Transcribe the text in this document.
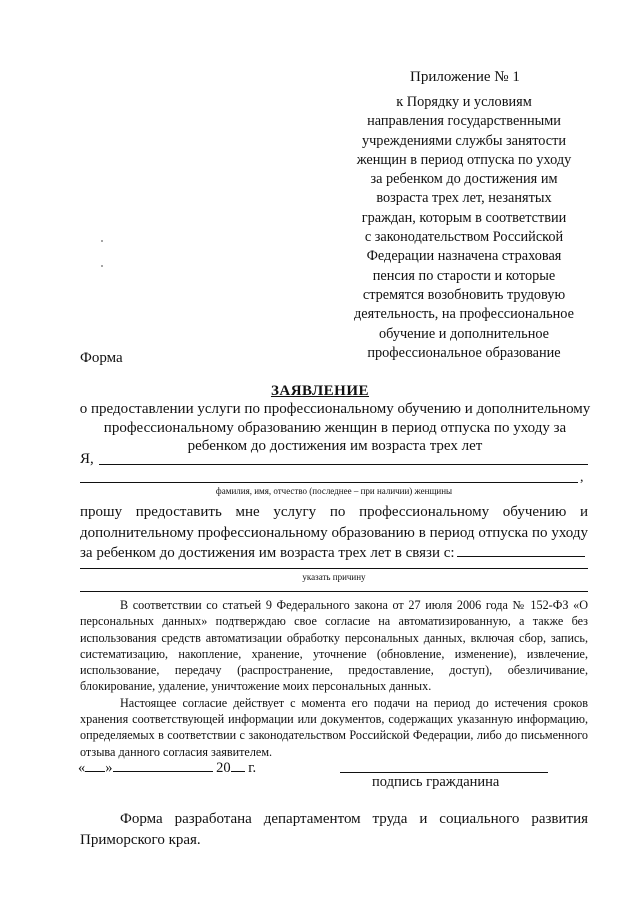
Приложение № 1
к Порядку и условиям
направления государственными
учреждениями службы занятости
женщин в период отпуска по уходу
за ребенком до достижения им
возраста трех лет, незанятых
граждан, которым в соответствии
с законодательством Российской
Федерации назначена страховая
пенсия по старости и которые
стремятся возобновить трудовую
деятельность, на профессиональное
обучение и дополнительное
профессиональное образование
Форма
ЗАЯВЛЕНИЕ
о предоставлении услуги по профессиональному обучению и дополнительному
профессиональному образованию женщин в период отпуска по уходу за
ребенком до достижения им возраста трех лет
Я,
,
фамилия, имя, отчество (последнее – при наличии) женщины
прошу предоставить мне услугу по профессиональному обучению и дополнительному профессиональному образованию в период отпуска по уходу за ребенком до достижения им возраста трех лет в связи с:
указать причину

В соответствии со статьей 9 Федерального закона от 27 июля 2006 года № 152-ФЗ «О персональных данных» подтверждаю свое согласие на автоматизированную, а также без использования средств автоматизации обработку персональных данных, включая сбор, запись, систематизацию, накопление, хранение, уточнение (обновление, изменение), извлечение, использование, передачу (распространение, предоставление, доступ), обезличивание, блокирование, удаление, уничтожение моих персональных данных.

Настоящее согласие действует с момента его подачи на период до истечения сроков хранения соответствующей информации или документов, содержащих указанную информацию, определяемых в соответствии с законодательством Российской Федерации, либо до письменного отзыва данного согласия заявителем.

« »	20 г.
подпись гражданина
Форма разработана департаментом труда и социального развития
Приморского края.
